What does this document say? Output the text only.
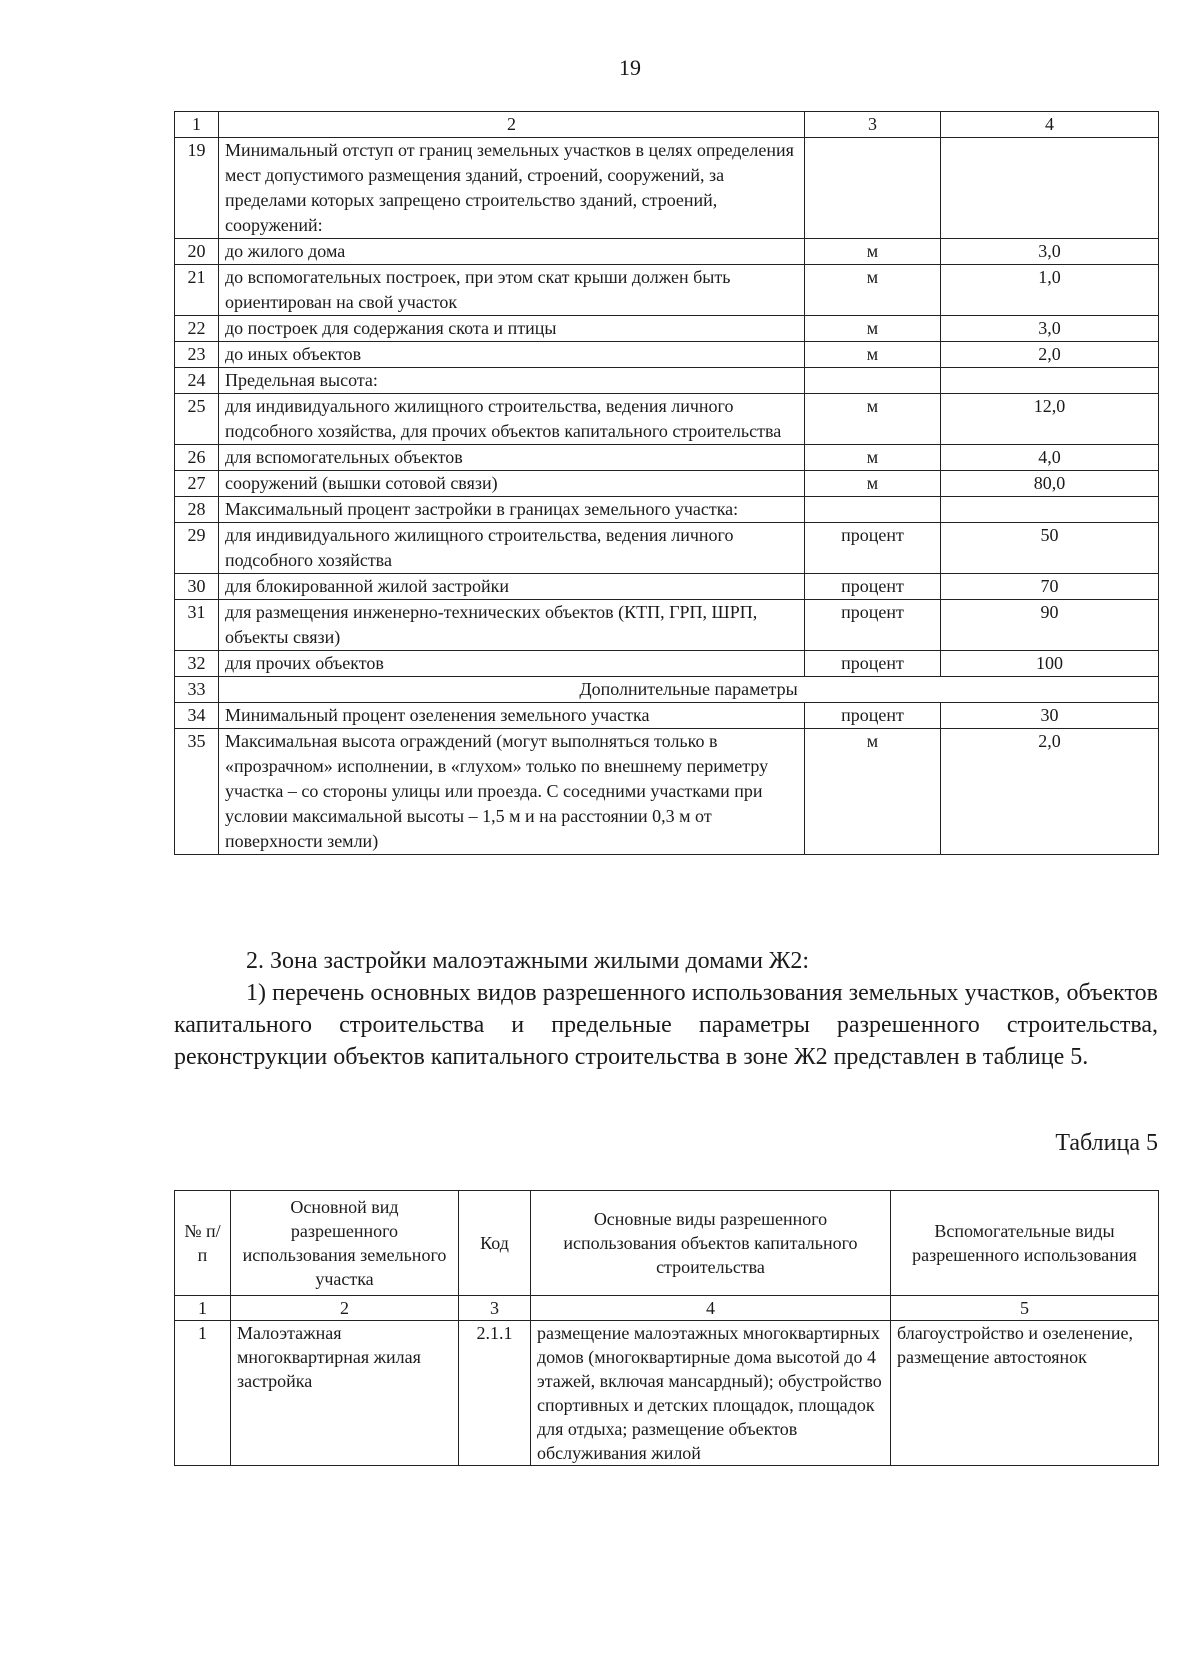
19
1	2	3	4
19	Минимальный отступ от границ земельных участков в целях определения мест допустимого размещения зданий, строений, сооружений, за пределами которых запрещено строительство зданий, строений, сооружений:		
20	до жилого дома	м	3,0
21	до вспомогательных построек, при этом скат крыши должен быть ориентирован на свой участок	м	1,0
22	до построек для содержания скота и птицы	м	3,0
23	до иных объектов	м	2,0
24	Предельная высота:		
25	для индивидуального жилищного строительства, ведения личного подсобного хозяйства, для прочих объектов капитального строительства	м	12,0
26	для вспомогательных объектов	м	4,0
27	сооружений (вышки сотовой связи)	м	80,0
28	Максимальный процент застройки в границах земельного участка:		
29	для индивидуального жилищного строительства, ведения личного подсобного хозяйства	процент	50
30	для блокированной жилой застройки	процент	70
31	для размещения инженерно-технических объектов (КТП, ГРП, ШРП, объекты связи)	процент	90
32	для прочих объектов	процент	100
33	Дополнительные параметры		
34	Минимальный процент озеленения земельного участка	процент	30
35	Максимальная высота ограждений (могут выполняться только в «прозрачном» исполнении, в «глухом» только по внешнему периметру участка – со стороны улицы или проезда. С соседними участками при условии максимальной высоты – 1,5 м и на расстоянии 0,3 м от поверхности земли)	м	2,0
2. Зона застройки малоэтажными жилыми домами Ж2:
1) перечень основных видов разрешенного использования земельных участков, объектов капитального строительства и предельные параметры разрешенного строительства, реконструкции объектов капитального строительства в зоне Ж2 представлен в таблице 5.
Таблица 5
№ п/п	Основной вид разрешенного использования земельного участка	Код	Основные виды разрешенного использования объектов капитального строительства	Вспомогательные виды разрешенного использования
1	2	3	4	5
1	Малоэтажная многоквартирная жилая застройка	2.1.1	размещение малоэтажных многоквартирных домов (многоквартирные дома высотой до 4 этажей, включая мансардный); обустройство спортивных и детских площадок, площадок для отдыха; размещение объектов обслуживания жилой	благоустройство и озеленение, размещение автостоянок
